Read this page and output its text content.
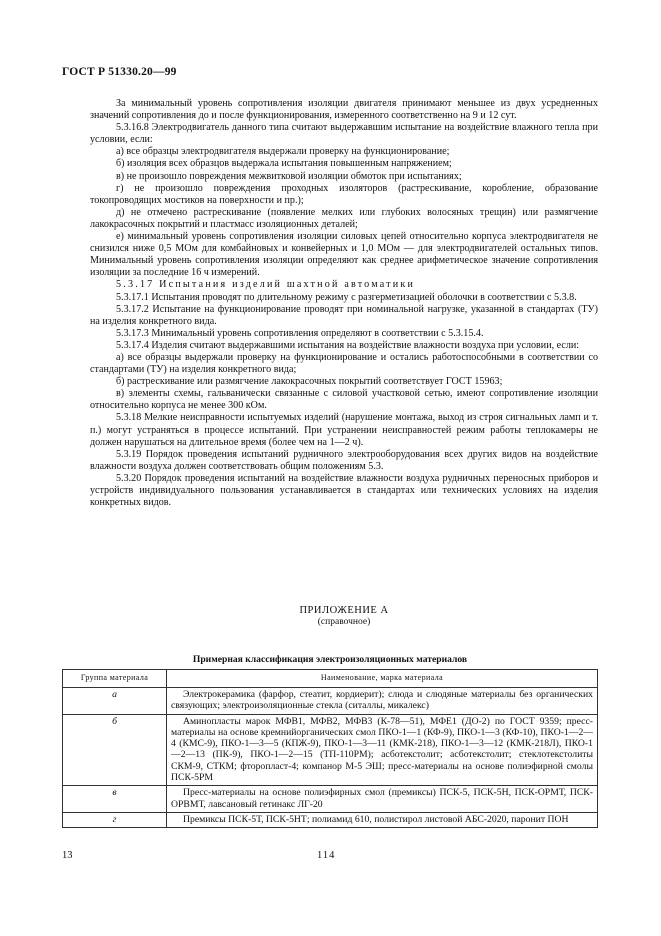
ГОСТ Р 51330.20—99

За минимальный уровень сопротивления изоляции двигателя принимают меньшее из двух усредненных значений сопротивления до и после функционирования, измеренного соответственно на 9 и 12 сут.

5.3.16.8 Электродвигатель данного типа считают выдержавшим испытание на воздействие влажного тепла при условии, если:

а) все образцы электродвигателя выдержали проверку на функционирование;

б) изоляция всех образцов выдержала испытания повышенным напряжением;

в) не произошло повреждения межвитковой изоляции обмоток при испытаниях;

г) не произошло повреждения проходных изоляторов (растрескивание, коробление, образование токопроводящих мостиков на поверхности и пр.);

д) не отмечено растрескивание (появление мелких или глубоких волосяных трещин) или размягчение лакокрасочных покрытий и пластмасс изоляционных деталей;

е) минимальный уровень сопротивления изоляции силовых цепей относительно корпуса электродвигателя не снизился ниже 0,5 МОм для комбайновых и конвейерных и 1,0 МОм — для электродвигателей остальных типов. Минимальный уровень сопротивления изоляции определяют как среднее арифметическое значение сопротивления изоляции за последние 16 ч измерений.

5.3.17 Испытания изделий шахтной автоматики

5.3.17.1 Испытания проводят по длительному режиму с разгерметизацией оболочки в соответствии с 5.3.8.

5.3.17.2 Испытание на функционирование проводят при номинальной нагрузке, указанной в стандартах (ТУ) на изделия конкретного вида.

5.3.17.3 Минимальный уровень сопротивления определяют в соответствии с 5.3.15.4.

5.3.17.4 Изделия считают выдержавшими испытания на воздействие влажности воздуха при условии, если:

а) все образцы выдержали проверку на функционирование и остались работоспособными в соответствии со стандартами (ТУ) на изделия конкретного вида;

б) растрескивание или размягчение лакокрасочных покрытий соответствует ГОСТ 15963;

в) элементы схемы, гальванически связанные с силовой участковой сетью, имеют сопротивление изоляции относительно корпуса не менее 300 кОм.

5.3.18 Мелкие неисправности испытуемых изделий (нарушение монтажа, выход из строя сигнальных ламп и т. п.) могут устраняться в процессе испытаний. При устранении неисправностей режим работы теплокамеры не должен нарушаться на длительное время (более чем на 1—2 ч).

5.3.19 Порядок проведения испытаний рудничного электрооборудования всех других видов на воздействие влажности воздуха должен соответствовать общим положениям 5.3.

5.3.20 Порядок проведения испытаний на воздействие влажности воздуха рудничных переносных приборов и устройств индивидуального пользования устанавливается в стандартах или технических условиях на изделия конкретных видов.

ПРИЛОЖЕНИЕ А
(справочное)
Примерная классификация электроизоляционных материалов
Группа материала	Наименование, марка материала
а	Электрокерамика (фарфор, стеатит, кордиерит); слюда и слюдяные материалы без органических связующих; электроизоляционные стекла (ситаллы, микалекс)

б	Аминопласты марок МФВ1, МФВ2, МФВ3 (К-78—51), МФЕ1 (ДО-2) по ГОСТ 9359; пресс-материалы на основе кремнийорганических смол ПКО-1—1 (КФ-9), ПКО-1—3 (КФ-10), ПКО-1—2—4 (КМС-9), ПКО-1—3—5 (КПЖ-9), ПКО-1—3—11 (КМК-218), ПКО-1—3—12 (КМК-218Л), ПКО-1—2—13 (ПК-9), ПКО-1—2—15 (ТП-110РМ); асботекстолит; асботекстолит; стеклотекстолиты СКМ-9, СТКМ; фторопласт-4; компанор М-5 ЭШ; пресс-материалы на основе полиэфирной смолы ПСК-5РМ

в	Пресс-материалы на основе полиэфирных смол (премиксы) ПСК-5, ПСК-5Н, ПСК-ОРМТ, ПСК-ОРВМТ, лавсановый гетинакс ЛГ-20

г	Премиксы ПСК-5Т, ПСК-5НТ; полиамид 610, полистирол листовой АБС-2020, паронит ПОН
13	114
